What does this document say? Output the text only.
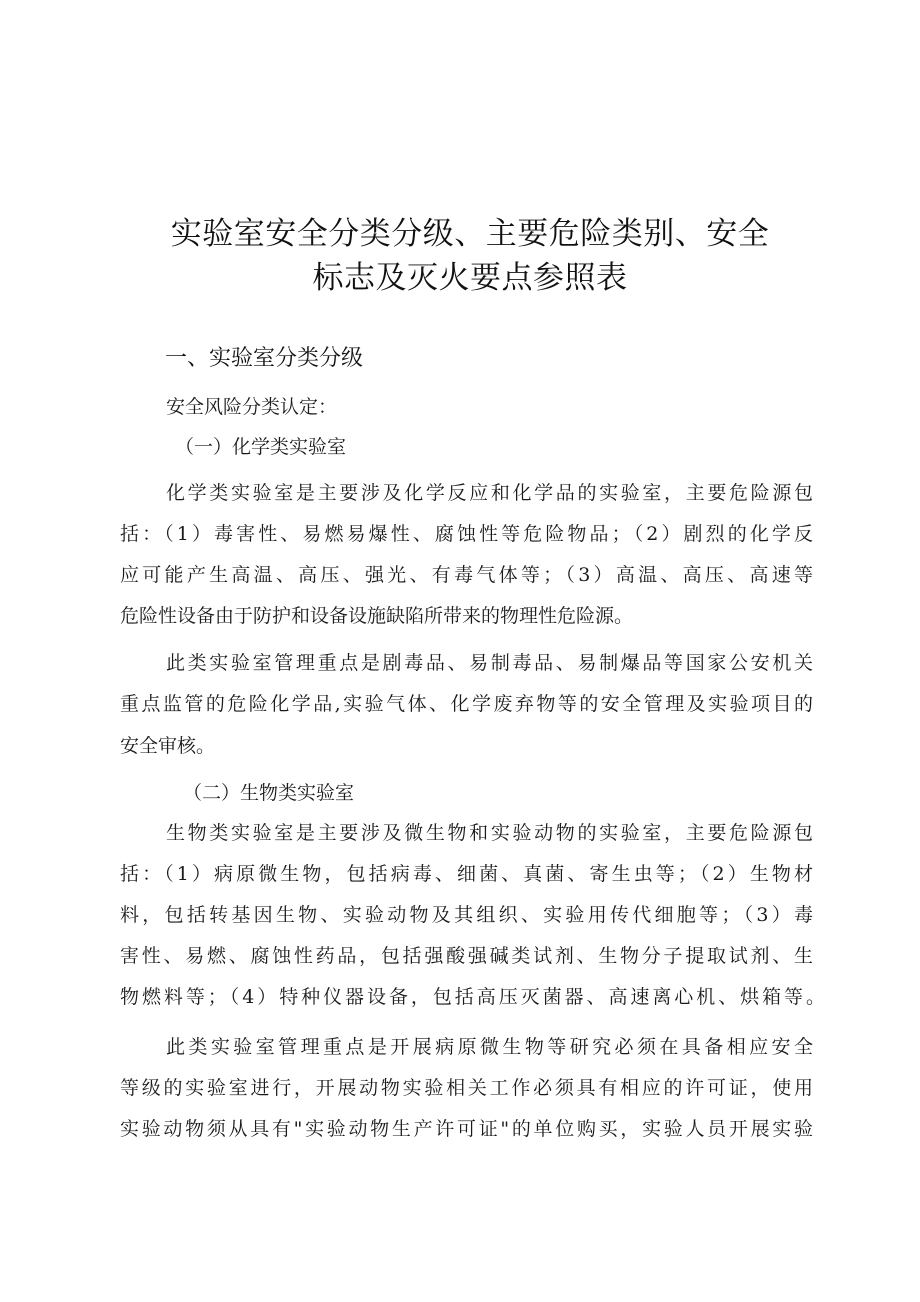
实验室安全分类分级、主要危险类别、安全
标志及灭火要点参照表
一、实验室分类分级
安全风险分类认定：
（一）化学类实验室
化学类实验室是主要涉及化学反应和化学品的实验室，主要危险源包
括：（1）毒害性、易燃易爆性、腐蚀性等危险物品；（2）剧烈的化学反
应可能产生高温、高压、强光、有毒气体等；（3）高温、高压、高速等
危险性设备由于防护和设备设施缺陷所带来的物理性危险源。
此类实验室管理重点是剧毒品、易制毒品、易制爆品等国家公安机关
重点监管的危险化学品,实验气体、化学废弃物等的安全管理及实验项目的
安全审核。
（二）生物类实验室
生物类实验室是主要涉及微生物和实验动物的实验室，主要危险源包
括：（1）病原微生物，包括病毒、细菌、真菌、寄生虫等；（2）生物材
料，包括转基因生物、实验动物及其组织、实验用传代细胞等；（3）毒
害性、易燃、腐蚀性药品，包括强酸强碱类试剂、生物分子提取试剂、生
物燃料等；（4）特种仪器设备，包括高压灭菌器、高速离心机、烘箱等。
此类实验室管理重点是开展病原微生物等研究必须在具备相应安全
等级的实验室进行，开展动物实验相关工作必须具有相应的许可证，使用
实验动物须从具有"实验动物生产许可证"的单位购买，实验人员开展实验
